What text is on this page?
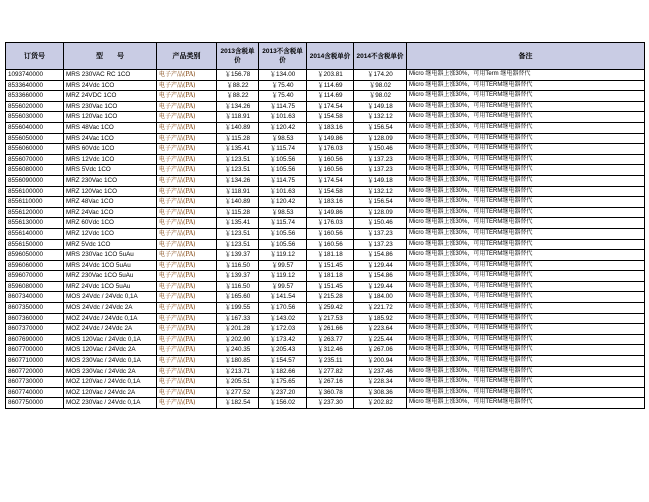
订货号	型　　号	产品类别	2013含税单价	2013不含税单价	2014含税单价	2014不含税单价	备注
1093740000	MRS 230VAC RC 1CO	电子产品(PA)	￥156.78	￥134.00	￥203.81	￥174.20	Micro 继电器上涨30%，可用Term 继电器替代
8533640000	MRS 24Vdc 1CO	电子产品(PA)	￥88.22	￥75.40	￥114.69	￥98.02	Micro 继电器上涨30%，可用TERM继电器替代
8533660000	MRZ 24VDC 1CO	电子产品(PA)	￥88.22	￥75.40	￥114.69	￥98.02	Micro 继电器上涨30%，可用TERM继电器替代
8556020000	MRS 230Vac 1CO	电子产品(PA)	￥134.26	￥114.75	￥174.54	￥149.18	Micro 继电器上涨30%，可用TERM继电器替代
8556030000	MRS 120Vac 1CO	电子产品(PA)	￥118.91	￥101.63	￥154.58	￥132.12	Micro 继电器上涨30%，可用TERM继电器替代
8556040000	MRS 48Vac 1CO	电子产品(PA)	￥140.89	￥120.42	￥183.16	￥156.54	Micro 继电器上涨30%，可用TERM继电器替代
8556050000	MRS 24Vac 1CO	电子产品(PA)	￥115.28	￥98.53	￥149.86	￥128.09	Micro 继电器上涨30%，可用TERM继电器替代
8556060000	MRS 60Vdc 1CO	电子产品(PA)	￥135.41	￥115.74	￥176.03	￥150.46	Micro 继电器上涨30%，可用TERM继电器替代
8556070000	MRS 12Vdc 1CO	电子产品(PA)	￥123.51	￥105.56	￥160.56	￥137.23	Micro 继电器上涨30%，可用TERM继电器替代
8556080000	MRS 5Vdc 1CO	电子产品(PA)	￥123.51	￥105.56	￥160.56	￥137.23	Micro 继电器上涨30%，可用TERM继电器替代
8556090000	MRZ 230Vac 1CO	电子产品(PA)	￥134.26	￥114.75	￥174.54	￥149.18	Micro 继电器上涨30%，可用TERM继电器替代
8556100000	MRZ 120Vac 1CO	电子产品(PA)	￥118.91	￥101.63	￥154.58	￥132.12	Micro 继电器上涨30%，可用TERM继电器替代
8556110000	MRZ 48Vac 1CO	电子产品(PA)	￥140.89	￥120.42	￥183.16	￥156.54	Micro 继电器上涨30%，可用TERM继电器替代
8556120000	MRZ 24Vac 1CO	电子产品(PA)	￥115.28	￥98.53	￥149.86	￥128.09	Micro 继电器上涨30%，可用TERM继电器替代
8556130000	MRZ 60Vdc 1CO	电子产品(PA)	￥135.41	￥115.74	￥176.03	￥150.46	Micro 继电器上涨30%，可用TERM继电器替代
8556140000	MRZ 12Vdc 1CO	电子产品(PA)	￥123.51	￥105.56	￥160.56	￥137.23	Micro 继电器上涨30%，可用TERM继电器替代
8556150000	MRZ 5Vdc 1CO	电子产品(PA)	￥123.51	￥105.56	￥160.56	￥137.23	Micro 继电器上涨30%，可用TERM继电器替代
8596050000	MRS 230Vac 1CO 5uAu	电子产品(PA)	￥139.37	￥119.12	￥181.18	￥154.86	Micro 继电器上涨30%，可用TERM继电器替代
8596060000	MRS 24Vdc 1CO 5uAu	电子产品(PA)	￥116.50	￥99.57	￥151.45	￥129.44	Micro 继电器上涨30%，可用TERM继电器替代
8596070000	MRZ 230Vac 1CO 5uAu	电子产品(PA)	￥139.37	￥119.12	￥181.18	￥154.86	Micro 继电器上涨30%，可用TERM继电器替代
8596080000	MRZ 24Vdc 1CO 5uAu	电子产品(PA)	￥116.50	￥99.57	￥151.45	￥129.44	Micro 继电器上涨30%，可用TERM继电器替代
8607340000	MOS 24Vdc / 24Vdc 0,1A	电子产品(PA)	￥165.60	￥141.54	￥215.28	￥184.00	Micro 继电器上涨30%，可用TERM继电器替代
8607350000	MOS 24Vdc / 24Vdc 2A	电子产品(PA)	￥199.55	￥170.56	￥259.42	￥221.72	Micro 继电器上涨30%，可用TERM继电器替代
8607360000	MOZ 24Vdc / 24Vdc 0,1A	电子产品(PA)	￥167.33	￥143.02	￥217.53	￥185.92	Micro 继电器上涨30%，可用TERM继电器替代
8607370000	MOZ 24Vdc / 24Vdc 2A	电子产品(PA)	￥201.28	￥172.03	￥261.66	￥223.64	Micro 继电器上涨30%，可用TERM继电器替代
8607690000	MOS 120Vac / 24Vdc 0,1A	电子产品(PA)	￥202.90	￥173.42	￥263.77	￥225.44	Micro 继电器上涨30%，可用TERM继电器替代
8607700000	MOS 120Vac / 24Vdc 2A	电子产品(PA)	￥240.35	￥205.43	￥312.46	￥267.06	Micro 继电器上涨30%，可用TERM继电器替代
8607710000	MOS 230Vac / 24Vdc 0,1A	电子产品(PA)	￥180.85	￥154.57	￥235.11	￥200.94	Micro 继电器上涨30%，可用TERM继电器替代
8607720000	MOS 230Vac / 24Vdc 2A	电子产品(PA)	￥213.71	￥182.66	￥277.82	￥237.46	Micro 继电器上涨30%，可用TERM继电器替代
8607730000	MOZ 120Vac / 24Vdc 0,1A	电子产品(PA)	￥205.51	￥175.65	￥267.16	￥228.34	Micro 继电器上涨30%，可用TERM继电器替代
8607740000	MOZ 120Vac / 24Vdc 2A	电子产品(PA)	￥277.52	￥237.20	￥360.78	￥308.36	Micro 继电器上涨30%，可用TERM继电器替代
8607750000	MOZ 230Vac / 24Vdc 0,1A	电子产品(PA)	￥182.54	￥156.02	￥237.30	￥202.82	Micro 继电器上涨30%，可用TERM继电器替代
